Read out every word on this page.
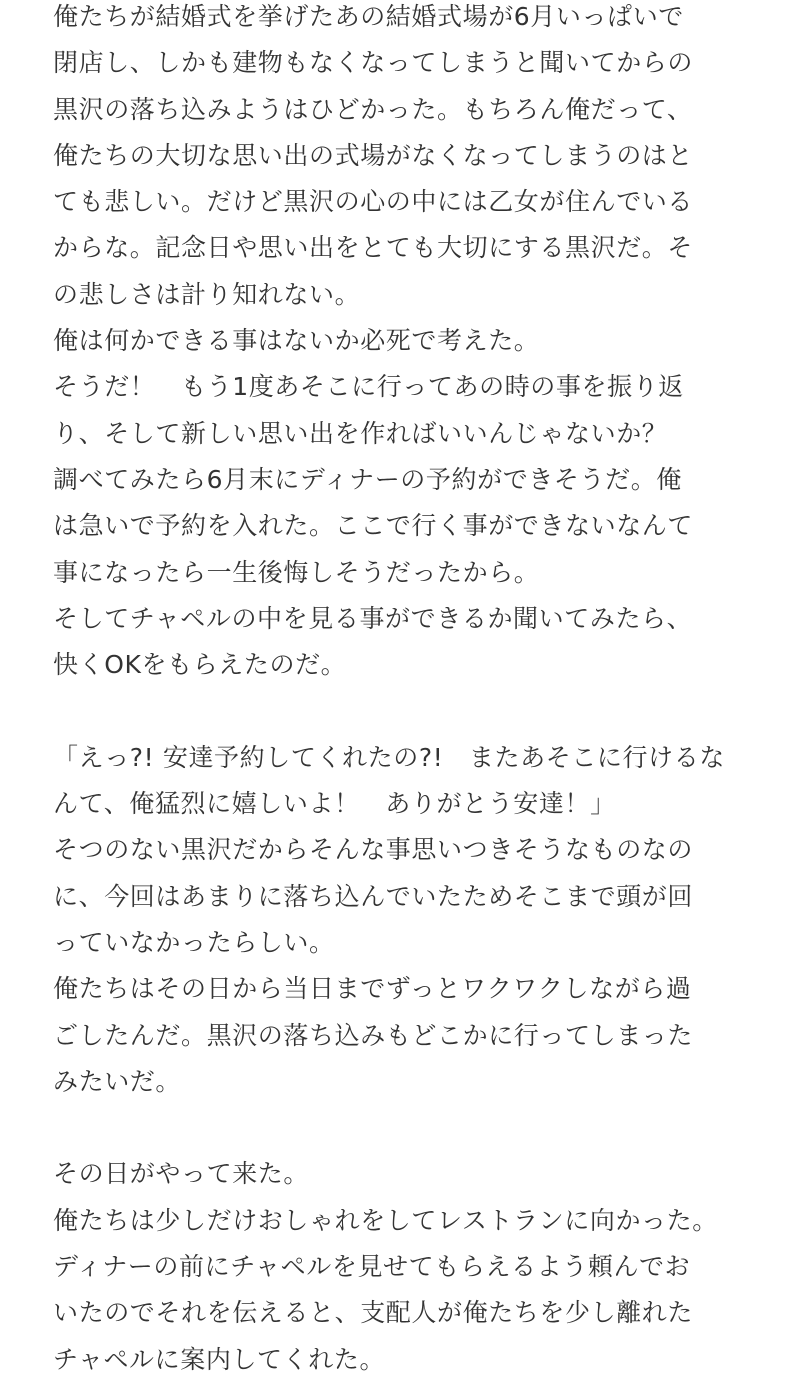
俺たちが結婚式を挙げたあの結婚式場が6月いっぱいで
閉店し、しかも建物もなくなってしまうと聞いてからの
黒沢の落ち込みようはひどかった。もちろん俺だって、
俺たちの大切な思い出の式場がなくなってしまうのはと
ても悲しい。だけど黒沢の心の中には乙女が住んでいる
からな。記念日や思い出をとても大切にする黒沢だ。そ
の悲しさは計り知れない。
俺は何かできる事はないか必死で考えた。
そうだ！　もう1度あそこに行ってあの時の事を振り返
り、そして新しい思い出を作ればいいんじゃないか？
調べてみたら6月末にディナーの予約ができそうだ。俺
は急いで予約を入れた。ここで行く事ができないなんて
事になったら一生後悔しそうだったから。
そしてチャペルの中を見る事ができるか聞いてみたら、
快くOKをもらえたのだ。
「えっ?! 安達予約してくれたの?!　またあそこに行けるな
んて、俺猛烈に嬉しいよ！　ありがとう安達！」
そつのない黒沢だからそんな事思いつきそうなものなの
に、今回はあまりに落ち込んでいたためそこまで頭が回
っていなかったらしい。
俺たちはその日から当日までずっとワクワクしながら過
ごしたんだ。黒沢の落ち込みもどこかに行ってしまった
みたいだ。
その日がやって来た。
俺たちは少しだけおしゃれをしてレストランに向かった。
ディナーの前にチャペルを見せてもらえるよう頼んでお
いたのでそれを伝えると、支配人が俺たちを少し離れた
チャペルに案内してくれた。
